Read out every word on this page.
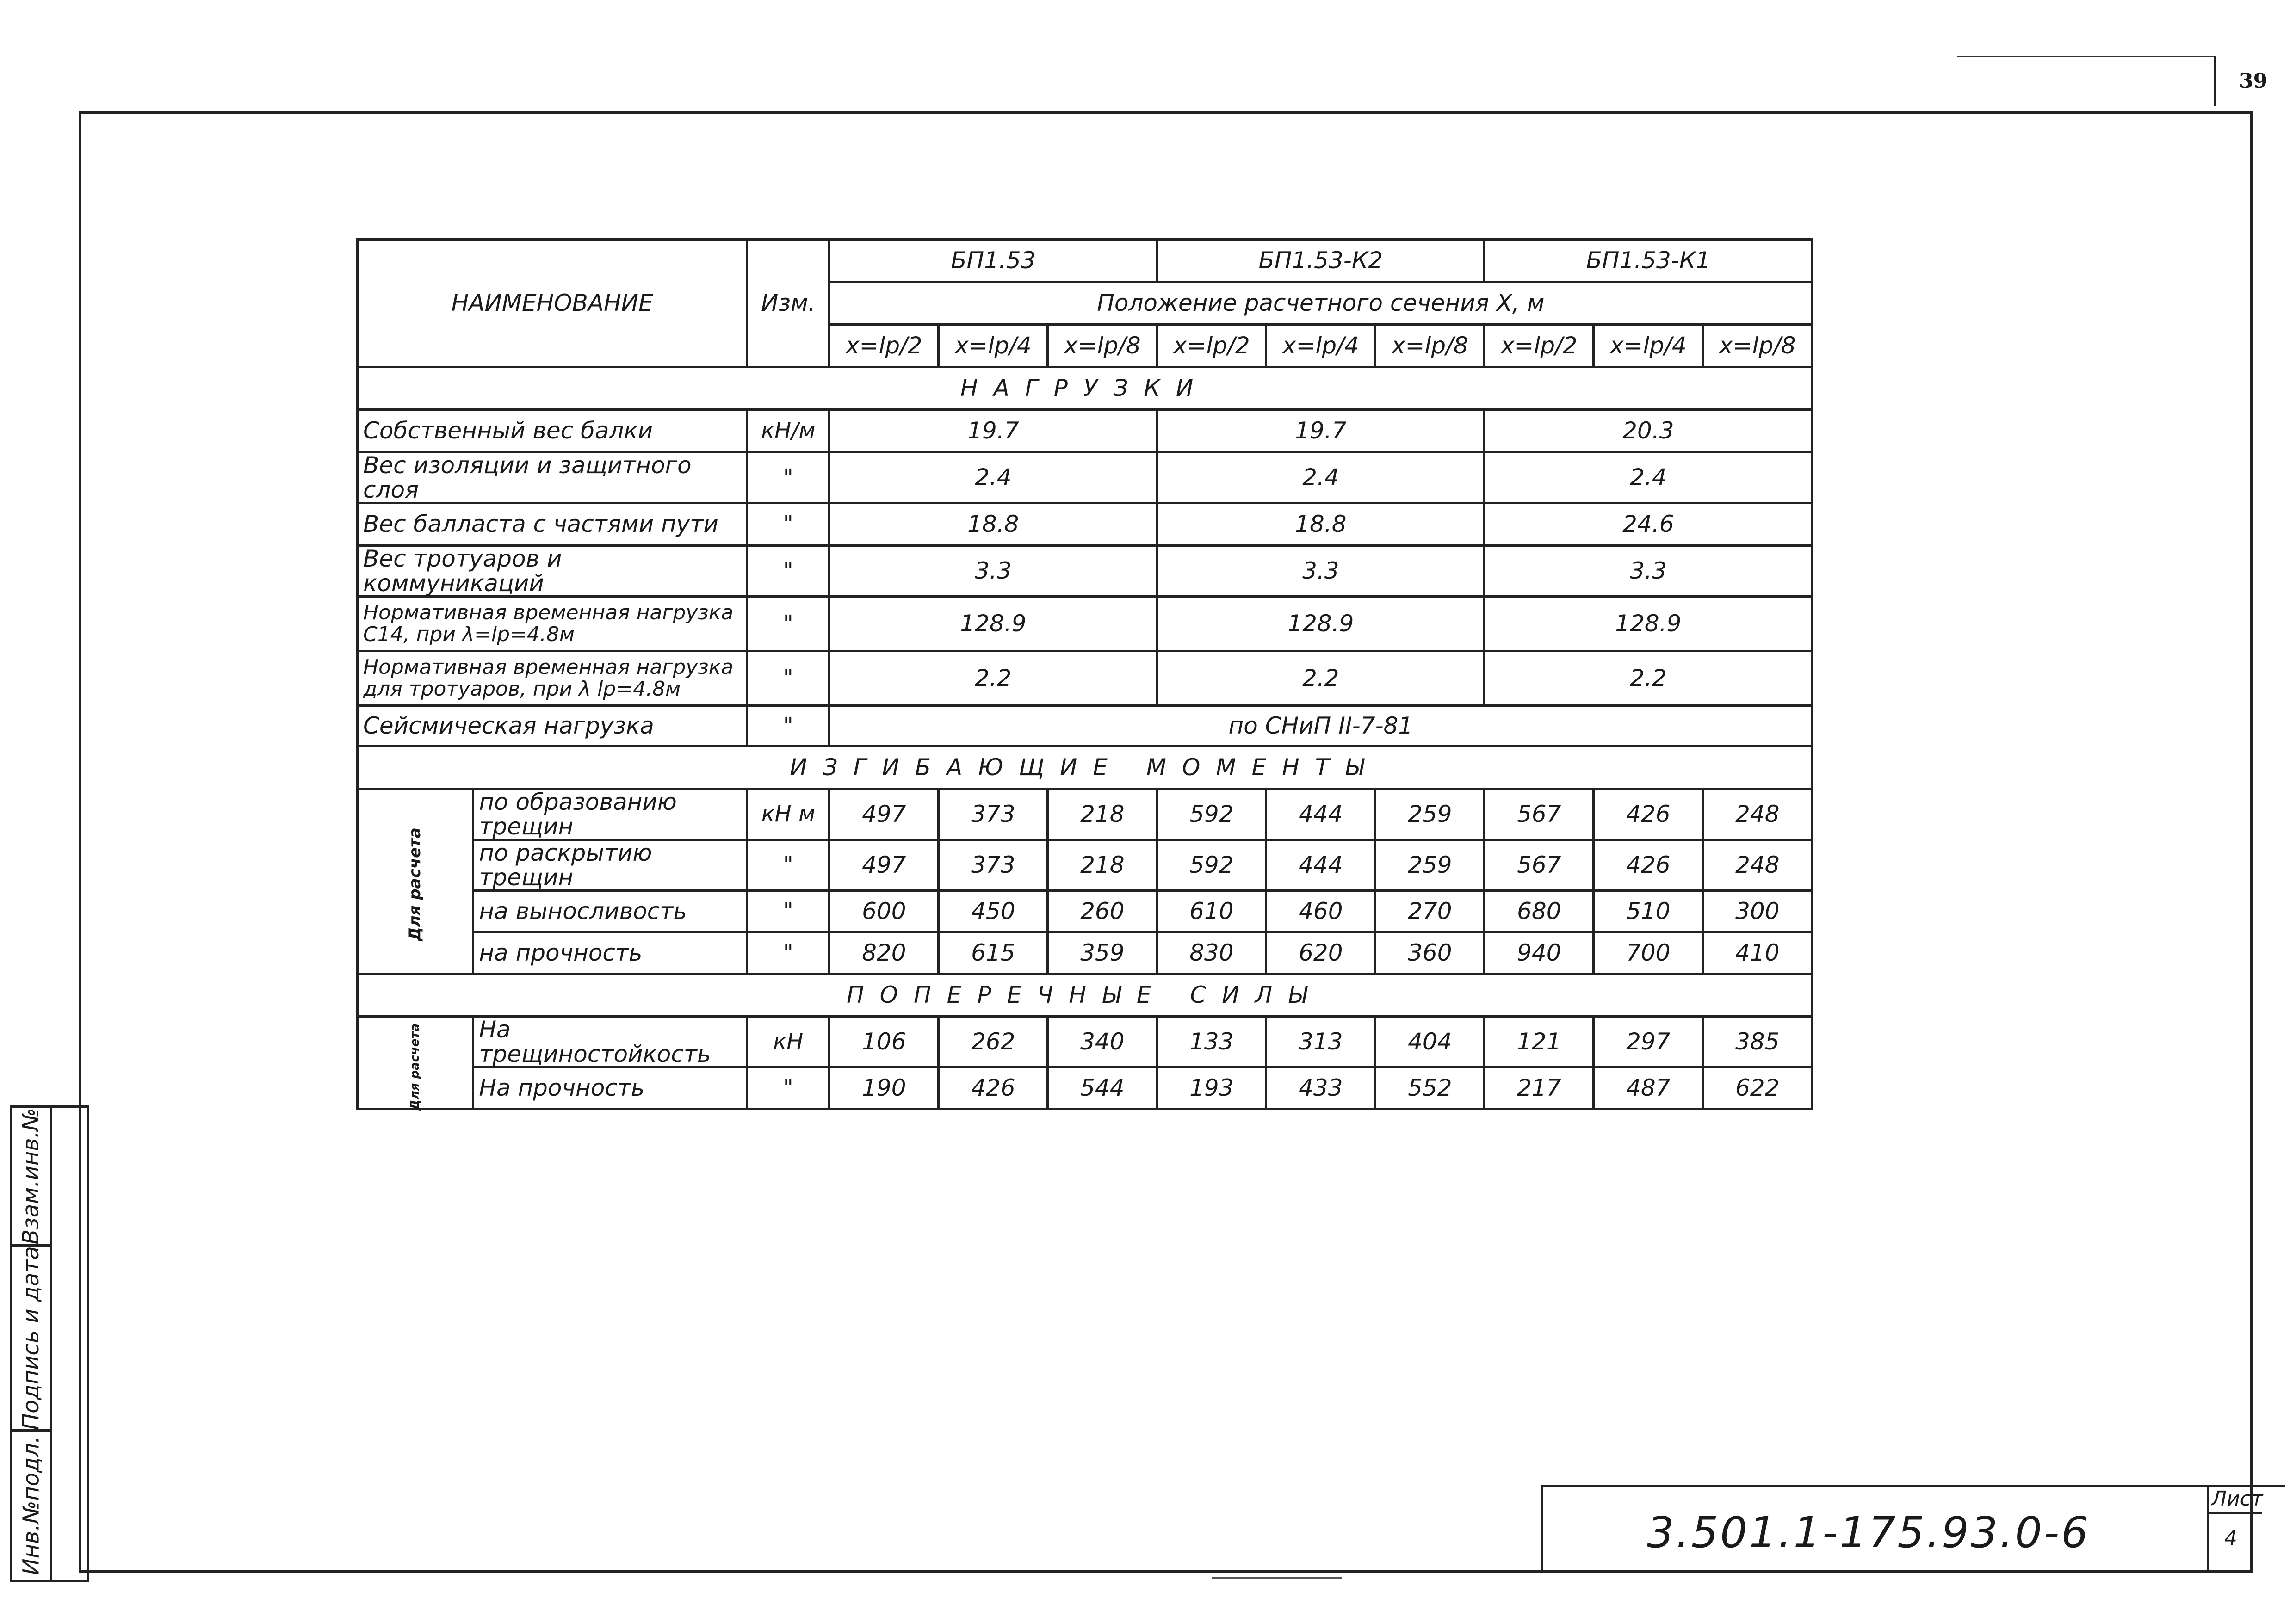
39
НАИМЕНОВАНИЕ		Изм.	БП1.53			БП1.53-К2			БП1.53-К1		
			Положение расчетного сечения Х, м								
			x=lp/2	x=lp/4	x=lp/8	x=lp/2	x=lp/4	x=lp/8	x=lp/2	x=lp/4	x=lp/8
НАГРУЗКИ											
Собственный вес балки		кН/м	19.7			19.7			20.3		
Вес изоляции и защитного слоя		"	2.4			2.4			2.4		
Вес балласта с частями пути		"	18.8			18.8			24.6		
Вес тротуаров и коммуникаций		"	3.3			3.3			3.3		
Нормативная временная нагрузка С14, при λ=lp=4.8м		"	128.9			128.9			128.9		
Нормативная временная нагрузка для тротуаров, при λ lp=4.8м		"	2.2			2.2			2.2		
Сейсмическая нагрузка		"	по СНиП II-7-81								
ИЗГИБАЮЩИЕ МОМЕНТЫ											
Для расчета	по образованию трещин	кН м	497	373	218	592	444	259	567	426	248
	по раскрытию трещин	"	497	373	218	592	444	259	567	426	248
	на выносливость	"	600	450	260	610	460	270	680	510	300
	на прочность	"	820	615	359	830	620	360	940	700	410
ПОПЕРЕЧНЫЕ СИЛЫ											
Для расчета	На трещиностойкость	кН	106	262	340	133	313	404	121	297	385
	На прочность	"	190	426	544	193	433	552	217	487	622
Взам.инв.№
Подпись и дата
Инв.№подл.	3.501.1-175.93.0-6
Лист
4
